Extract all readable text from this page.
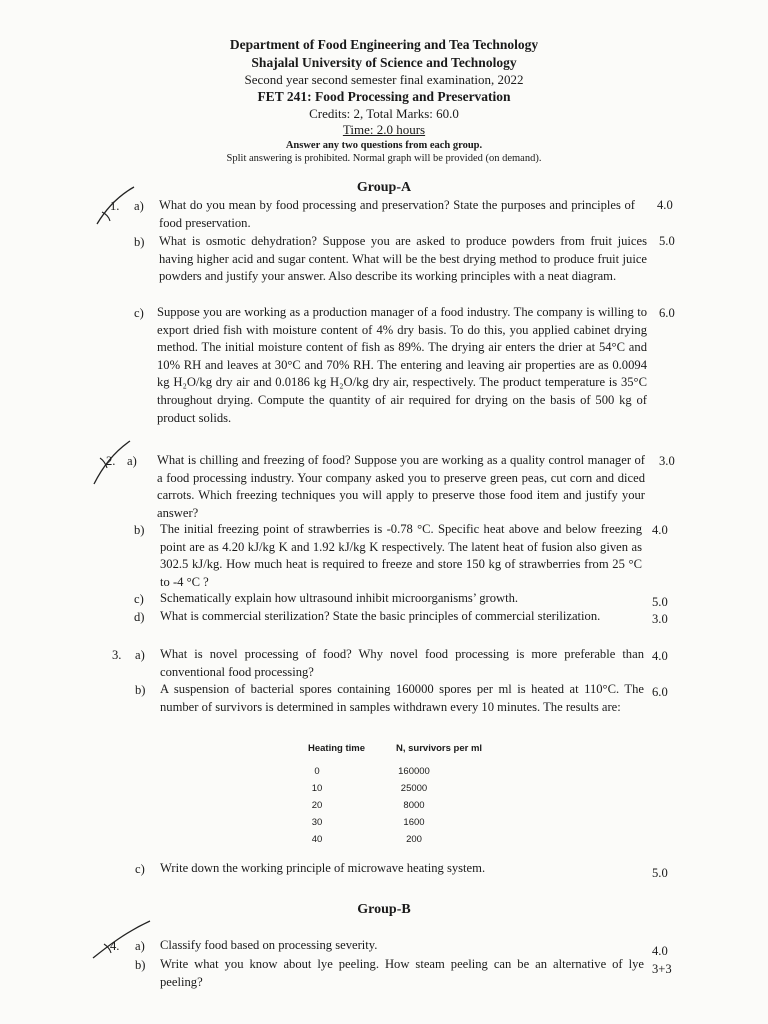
Department of Food Engineering and Tea Technology
Shajalal University of Science and Technology
Second year second semester final examination, 2022
FET 241: Food Processing and Preservation
Credits: 2, Total Marks: 60.0
Time: 2.0 hours
Answer any two questions from each group.
Split answering is prohibited. Normal graph will be provided (on demand).
Group-A
1. a) What do you mean by food processing and preservation? State the purposes and principles of food preservation.
4.0
b) What is osmotic dehydration? Suppose you are asked to produce powders from fruit juices having higher acid and sugar content. What will be the best drying method to produce fruit juice powders and justify your answer. Also describe its working principles with a neat diagram.
5.0
c) Suppose you are working as a production manager of a food industry. The company is willing to export dried fish with moisture content of 4% dry basis. To do this, you applied cabinet drying method. The initial moisture content of fish as 89%. The drying air enters the drier at 54°C and 10% RH and leaves at 30°C and 70% RH. The entering and leaving air properties are as 0.0094 kg H₂O/kg dry air and 0.0186 kg H₂O/kg dry air, respectively. The product temperature is 35°C throughout drying. Compute the quantity of air required for drying on the basis of 500 kg of product solids.
6.0
2. a) What is chilling and freezing of food? Suppose you are working as a quality control manager of a food processing industry. Your company asked you to preserve green peas, cut corn and diced carrots. Which freezing techniques you will apply to preserve those food item and justify your answer?
3.0
b) The initial freezing point of strawberries is -0.78 °C. Specific heat above and below freezing point are as 4.20 kJ/kg K and 1.92 kJ/kg K respectively. The latent heat of fusion also given as 302.5 kJ/kg. How much heat is required to freeze and store 150 kg of strawberries from 25 °C to -4 °C ?
4.0
c) Schematically explain how ultrasound inhibit microorganisms’ growth.	5.0
d) What is commercial sterilization? State the basic principles of commercial sterilization.	3.0
3. a) What is novel processing of food? Why novel food processing is more preferable than conventional food processing?
4.0
b) A suspension of bacterial spores containing 160000 spores per ml is heated at 110°C. The number of survivors is determined in samples withdrawn every 10 minutes. The results are:
6.0
Heating time	N, survivors per ml
0	160000
10	25000
20	8000
30	1600
40	200
c) Write down the working principle of microwave heating system.	5.0
Group-B
4. a) Classify food based on processing severity.	4.0
b) Write what you know about lye peeling. How steam peeling can be an alternative of lye peeling?
3+3
